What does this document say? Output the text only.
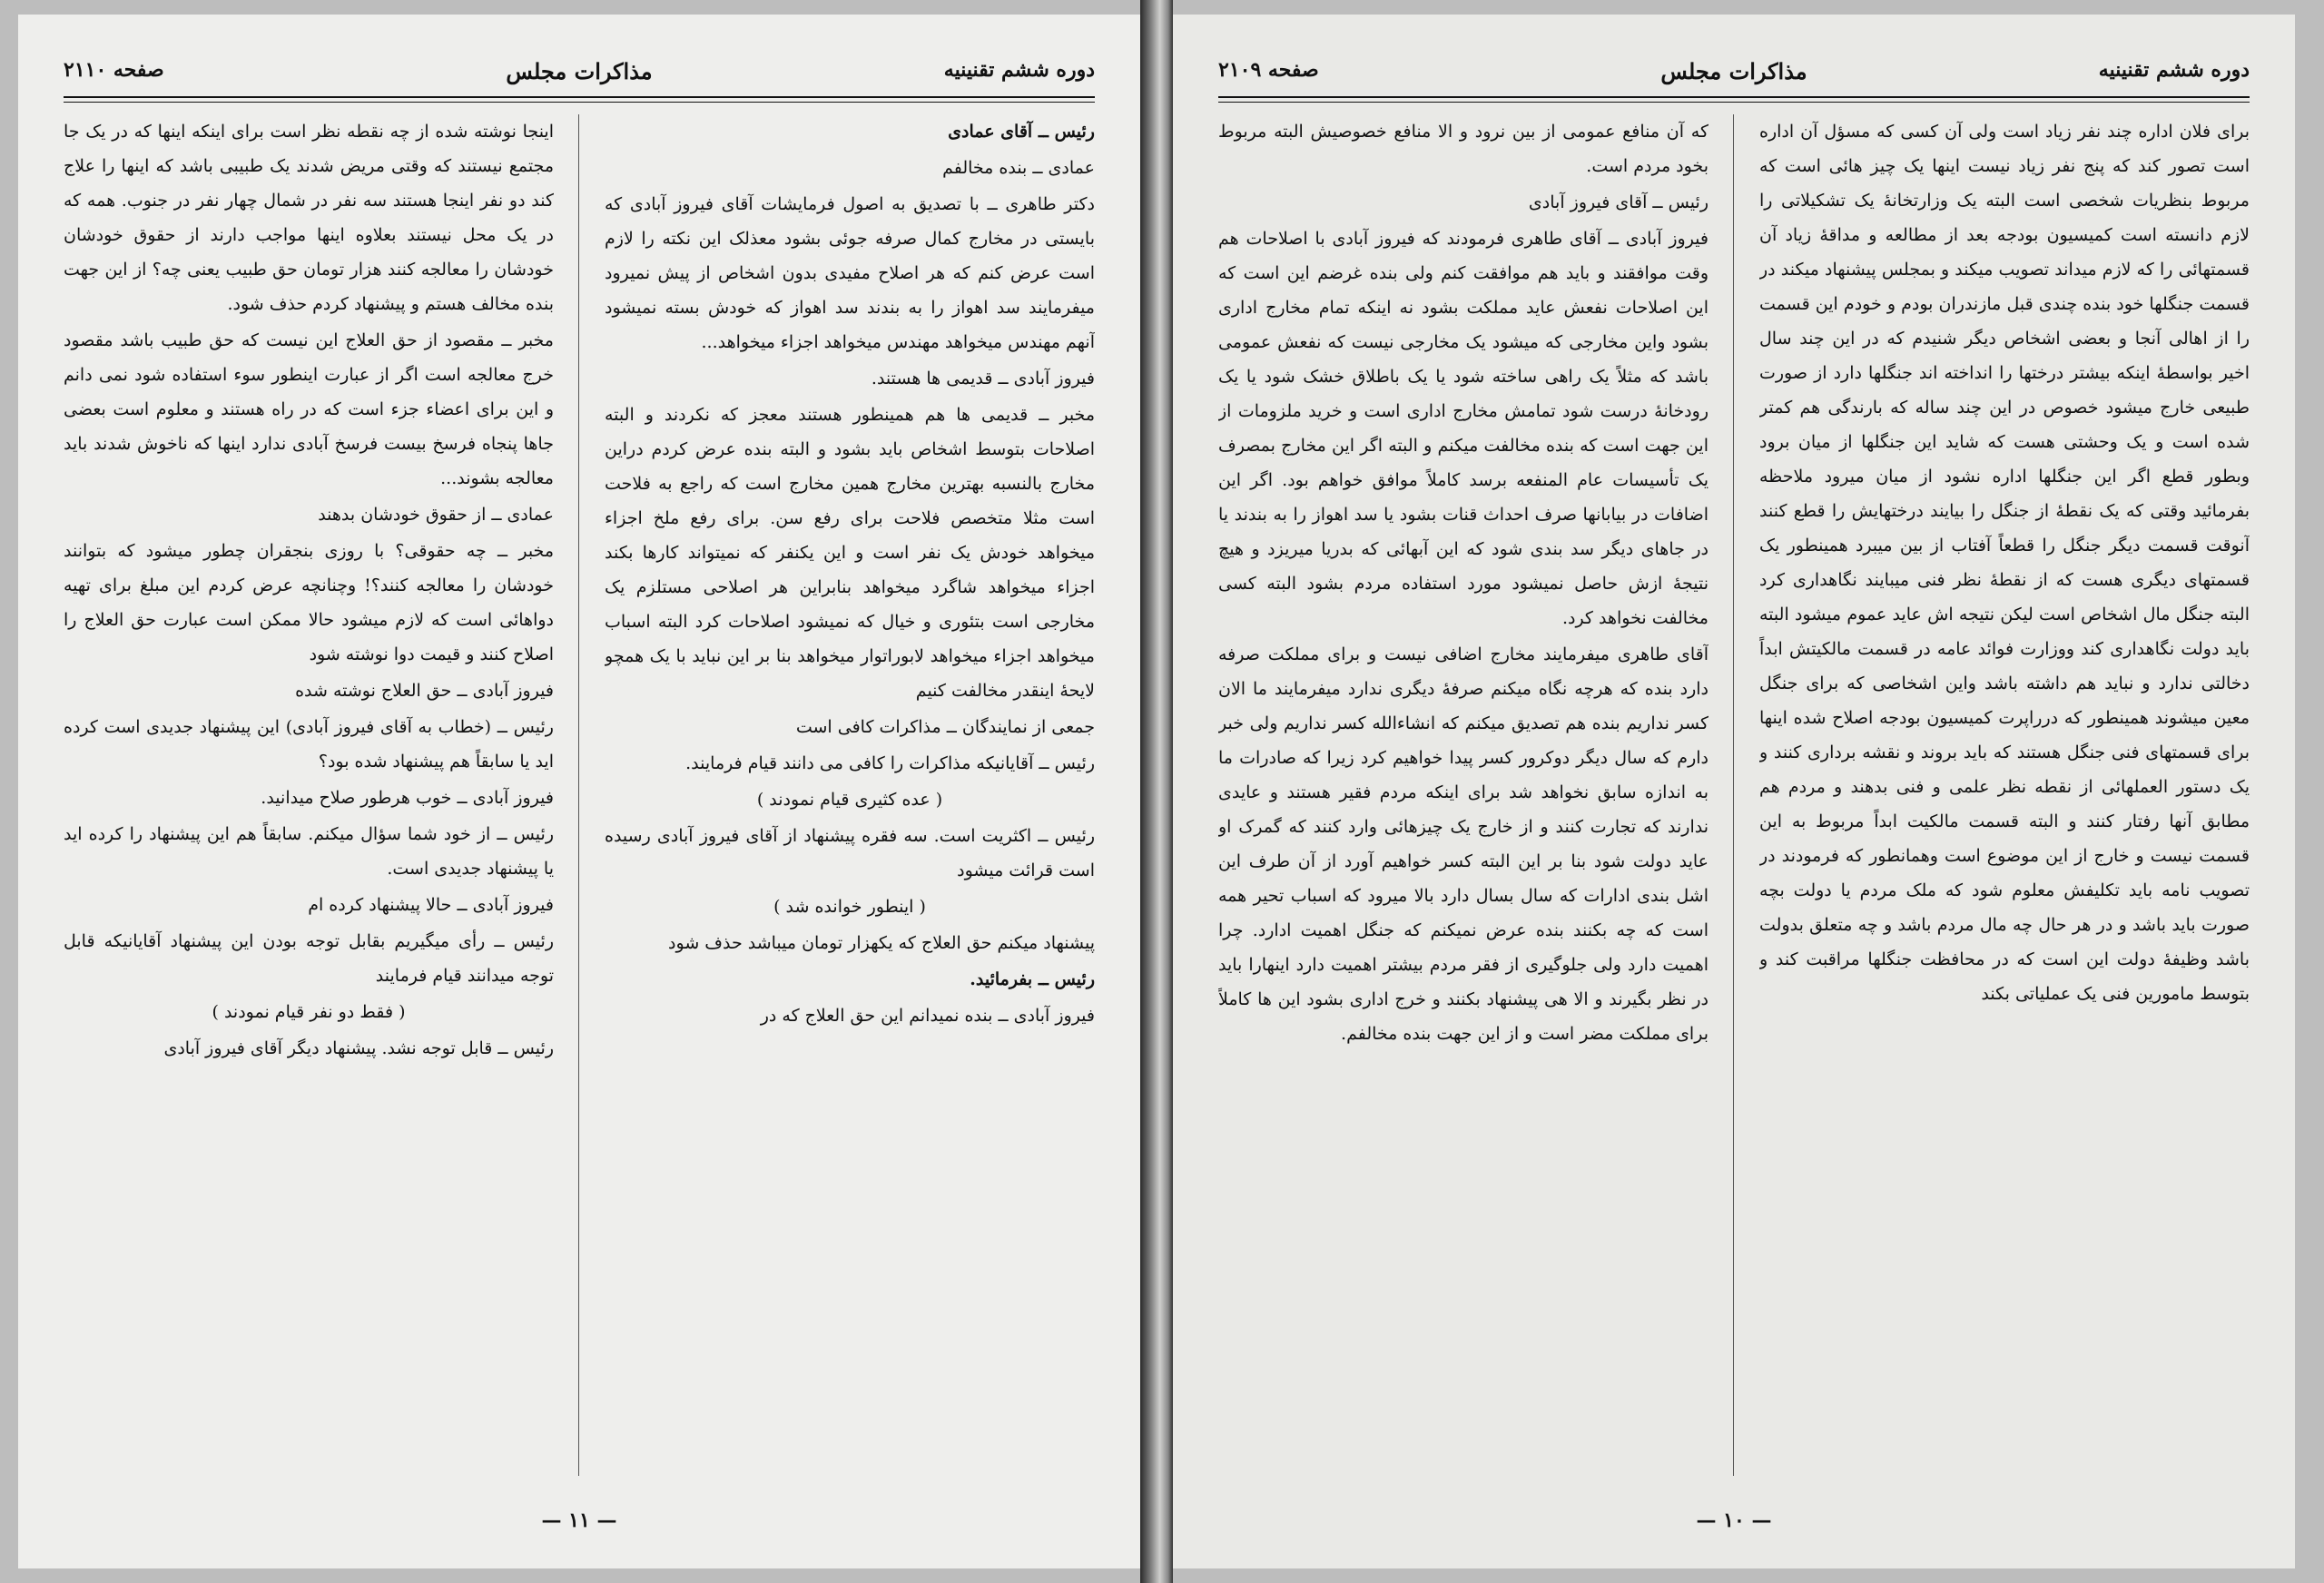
دوره ششم تقنینیه
مذاکرات مجلس
صفحه ۲۱۱۰

رئیس ــ آقای عمادی

عمادی ــ بنده مخالفم

دکتر طاهری ــ با تصدیق به اصول فرمایشات آقای فیروز آبادی که بایستی در مخارج کمال صرفه جوئی بشود معذلک این نکته را لازم است عرض کنم که هر اصلاح مفیدی بدون اشخاص از پیش نمیرود میفرمایند سد اهواز را به بندند سد اهواز که خودش بسته نمیشود آنهم مهندس میخواهد مهندس میخواهد اجزاء میخواهد...

فیروز آبادی ــ قدیمی ها هستند.

مخبر ــ قدیمی ها هم همینطور هستند معجز که نکردند و البته اصلاحات بتوسط اشخاص باید بشود و البته بنده عرض کردم دراین مخارج بالنسبه بهترین مخارج همین مخارج است که راجع به فلاحت است مثلا متخصص فلاحت برای رفع سن. برای رفع ملخ اجزاء میخواهد خودش یک نفر است و این یکنفر که نمیتواند کارها بکند اجزاء میخواهد شاگرد میخواهد بنابراین هر اصلاحی مستلزم یک مخارجی است بتئوری و خیال که نمیشود اصلاحات کرد البته اسباب میخواهد اجزاء میخواهد لابوراتوار میخواهد بنا بر این نباید با یک همچو لایحهٔ اینقدر مخالفت کنیم

جمعی از نمایندگان ــ مذاکرات کافی است

رئیس ــ آقایانیکه مذاکرات را کافی می دانند قیام فرمایند.

( عده کثیری قیام نمودند )

رئیس ــ اکثریت است. سه فقره پیشنهاد از آقای فیروز آبادی رسیده است قرائت میشود

( اینطور خوانده شد )

پیشنهاد میکنم حق العلاج که یکهزار تومان میباشد حذف شود

رئیس ــ بفرمائید.

فیروز آبادی ــ بنده نمیدانم این حق العلاج که در

اینجا نوشته شده از چه نقطه نظر است برای اینکه اینها که در یک جا مجتمع نیستند که وقتی مریض شدند یک طبیبی باشد که اینها را علاج کند دو نفر اینجا هستند سه نفر در شمال چهار نفر در جنوب. همه که در یک محل نیستند بعلاوه اینها مواجب دارند از حقوق خودشان خودشان را معالجه کنند هزار تومان حق طبیب یعنی چه؟ از این جهت بنده مخالف هستم و پیشنهاد کردم حذف شود.

مخبر ــ مقصود از حق العلاج این نیست که حق طبیب باشد مقصود خرج معالجه است اگر از عبارت اینطور سوء استفاده شود نمی دانم و این برای اعضاء جزء است که در راه هستند و معلوم است بعضی جاها پنجاه فرسخ بیست فرسخ آبادی ندارد اینها که ناخوش شدند باید معالجه بشوند...

عمادی ــ از حقوق خودشان بدهند

مخبر ــ چه حقوقی؟ با روزی بنجقران چطور میشود که بتوانند خودشان را معالجه کنند؟! وچنانچه عرض کردم این مبلغ برای تهیه دواهائی است که لازم میشود حالا ممکن است عبارت حق العلاج را اصلاح کنند و قیمت دوا نوشته شود

فیروز آبادی ــ حق العلاج نوشته شده

رئیس ــ (خطاب به آقای فیروز آبادی) این پیشنهاد جدیدی است کرده اید یا سابقاً هم پیشنهاد شده بود؟

فیروز آبادی ــ خوب هرطور صلاح میدانید.

رئیس ــ از خود شما سؤال میکنم. سابقاً هم این پیشنهاد را کرده اید یا پیشنهاد جدیدی است.

فیروز آبادی ــ حالا پیشنهاد کرده ام

رئیس ــ رأی میگیریم بقابل توجه بودن این پیشنهاد آقایانیکه قابل توجه میدانند قیام فرمایند

( فقط دو نفر قیام نمودند )

رئیس ــ قابل توجه نشد. پیشنهاد دیگر آقای فیروز آبادی

— ۱۱ —
دوره ششم تقنینیه
مذاکرات مجلس
صفحه ۲۱۰۹

برای فلان اداره چند نفر زیاد است ولی آن کسی که مسؤل آن اداره است تصور کند که پنج نفر زیاد نیست اینها یک چیز هائی است که مربوط بنظریات شخصی است البته یک وزارتخانهٔ یک تشکیلاتی را لازم دانسته است کمیسیون بودجه بعد از مطالعه و مداقهٔ زیاد آن قسمتهائی را که لازم میداند تصویب میکند و بمجلس پیشنهاد میکند در قسمت جنگلها خود بنده چندی قبل مازندران بودم و خودم این قسمت را از اهالی آنجا و بعضی اشخاص دیگر شنیدم که در این چند سال اخیر بواسطهٔ اینکه بیشتر درختها را انداخته اند جنگلها دارد از صورت طبیعی خارج میشود خصوص در این چند ساله که بارندگی هم کمتر شده است و یک وحشتی هست که شاید این جنگلها از میان برود وبطور قطع اگر این جنگلها اداره نشود از میان میرود ملاحظه بفرمائید وقتی که یک نقطهٔ از جنگل را بیایند درختهایش را قطع کنند آنوقت قسمت دیگر جنگل را قطعاً آفتاب از بین میبرد همینطور یک قسمتهای دیگری هست که از نقطهٔ نظر فنی میبایند نگاهداری کرد البته جنگل مال اشخاص است لیکن نتیجه اش عاید عموم میشود البته باید دولت نگاهداری کند ووزارت فوائد عامه در قسمت مالکیتش ابداً دخالتی ندارد و نباید هم داشته باشد واین اشخاصی که برای جنگل معین میشوند همینطور که درراپرت کمیسیون بودجه اصلاح شده اینها برای قسمتهای فنی جنگل هستند که باید بروند و نقشه برداری کنند و یک دستور العملهائی از نقطه نظر علمی و فنی بدهند و مردم هم مطابق آنها رفتار کنند و البته قسمت مالکیت ابداً مربوط به این قسمت نیست و خارج از این موضوع است وهمانطور که فرمودند در تصویب نامه باید تکلیفش معلوم شود که ملک مردم یا دولت بچه صورت باید باشد و در هر حال چه مال مردم باشد و چه متعلق بدولت باشد وظیفهٔ دولت این است که در محافظت جنگلها مراقبت کند و بتوسط مامورین فنی یک عملیاتی بکند

که آن منافع عمومی از بین نرود و الا منافع خصوصیش البته مربوط بخود مردم است.

رئیس ــ آقای فیروز آبادی

فیروز آبادی ــ آقای طاهری فرمودند که فیروز آبادی با اصلاحات هم وقت موافقند و باید هم موافقت کنم ولی بنده غرضم این است که این اصلاحات نفعش عاید مملکت بشود نه اینکه تمام مخارج اداری بشود واین مخارجی که میشود یک مخارجی نیست که نفعش عمومی باشد که مثلاً یک راهی ساخته شود یا یک باطلاق خشک شود یا یک رودخانهٔ درست شود تمامش مخارج اداری است و خرید ملزومات از این جهت است که بنده مخالفت میکنم و البته اگر این مخارج بمصرف یک تأسیسات عام المنفعه برسد کاملاً موافق خواهم بود. اگر این اضافات در بیابانها صرف احداث قنات بشود یا سد اهواز را به بندند یا در جاهای دیگر سد بندی شود که این آبهائی که بدریا میریزد و هیچ نتیجهٔ ازش حاصل نمیشود مورد استفاده مردم بشود البته کسی مخالفت نخواهد کرد.

آقای طاهری میفرمایند مخارج اضافی نیست و برای مملکت صرفه دارد بنده که هرچه نگاه میکنم صرفهٔ دیگری ندارد میفرمایند ما الان کسر نداریم بنده هم تصدیق میکنم که انشاءالله کسر نداریم ولی خبر دارم که سال دیگر دوکرور کسر پیدا خواهیم کرد زیرا که صادرات ما به اندازه سابق نخواهد شد برای اینکه مردم فقیر هستند و عایدی ندارند که تجارت کنند و از خارج یک چیزهائی وارد کنند که گمرک او عاید دولت شود بنا بر این البته کسر خواهیم آورد از آن طرف این اشل بندی ادارات که سال بسال دارد بالا میرود که اسباب تحیر همه است که چه بکنند بنده عرض نمیکنم که جنگل اهمیت ادارد. چرا اهمیت دارد ولی جلوگیری از فقر مردم بیشتر اهمیت دارد اینهارا باید در نظر بگیرند و الا هی پیشنهاد بکنند و خرج اداری بشود این ها کاملاً برای مملکت مضر است و از این جهت بنده مخالفم.

— ۱۰ —
